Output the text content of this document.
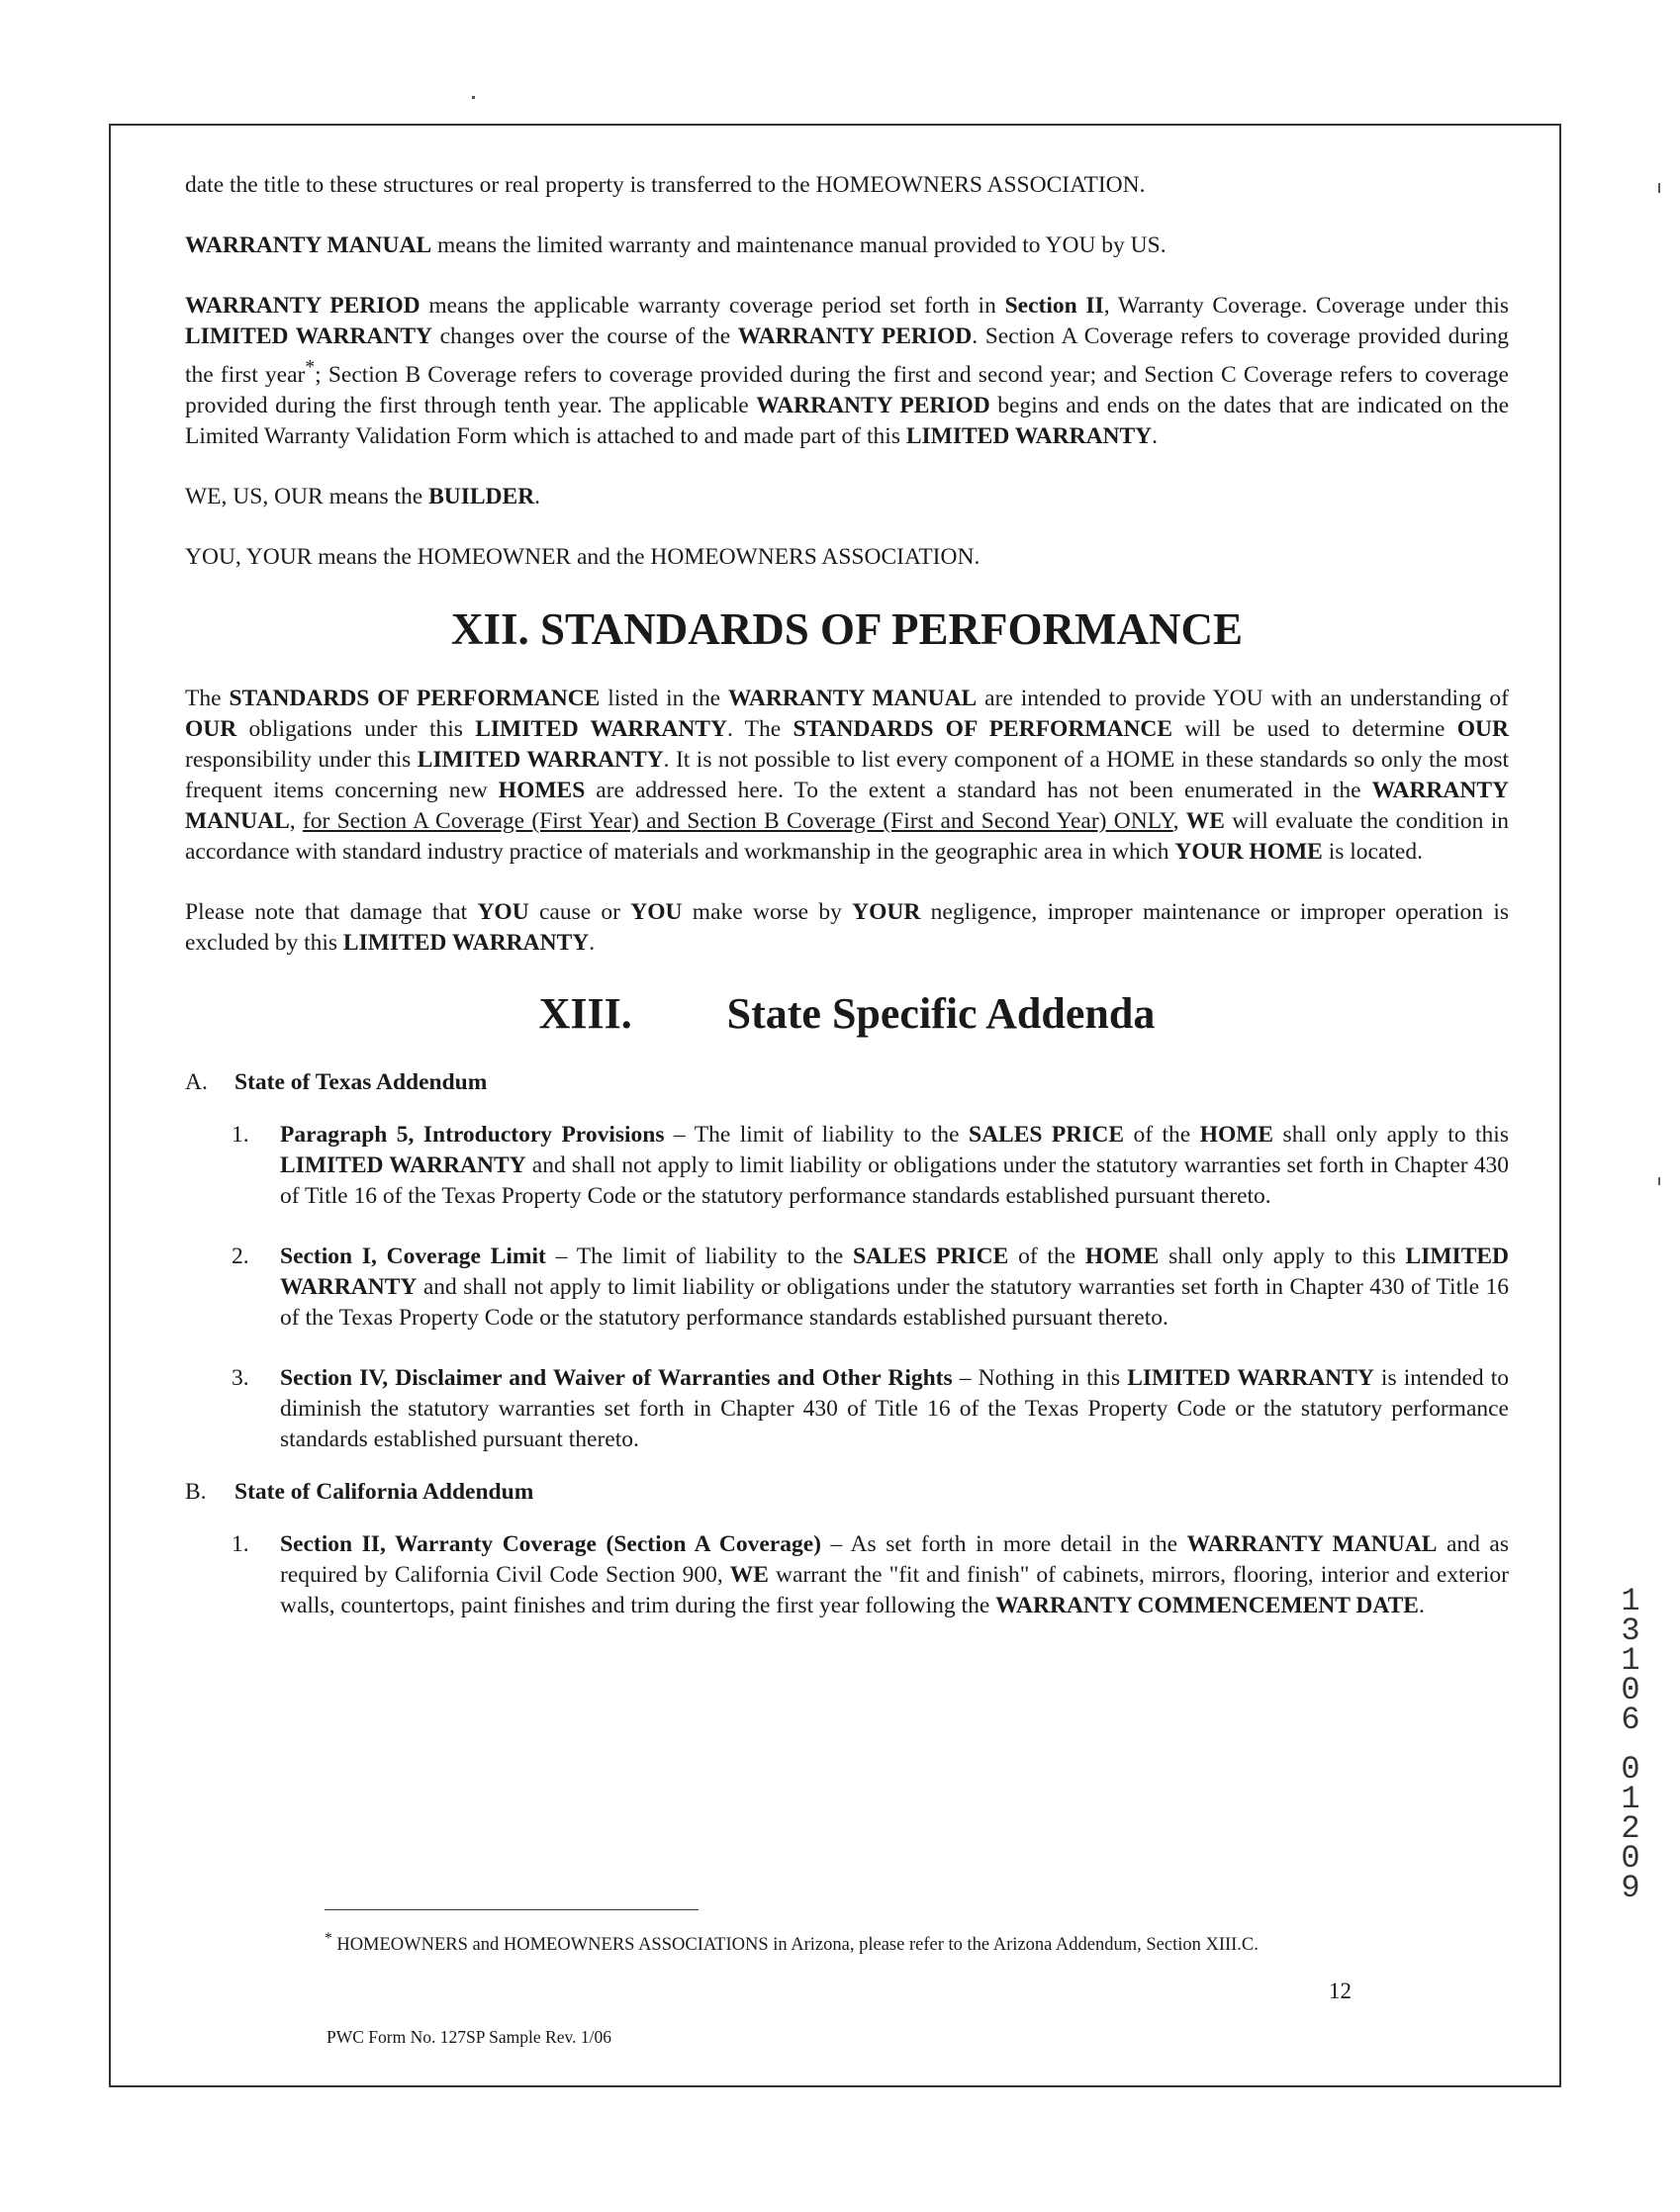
date the title to these structures or real property is transferred to the HOMEOWNERS ASSOCIATION.

WARRANTY MANUAL means the limited warranty and maintenance manual provided to YOU by US.

WARRANTY PERIOD means the applicable warranty coverage period set forth in Section II, Warranty Coverage. Coverage under this LIMITED WARRANTY changes over the course of the WARRANTY PERIOD. Section A Coverage refers to coverage provided during the first year*; Section B Coverage refers to coverage provided during the first and second year; and Section C Coverage refers to coverage provided during the first through tenth year. The applicable WARRANTY PERIOD begins and ends on the dates that are indicated on the Limited Warranty Validation Form which is attached to and made part of this LIMITED WARRANTY.

WE, US, OUR means the BUILDER.

YOU, YOUR means the HOMEOWNER and the HOMEOWNERS ASSOCIATION.

XII. STANDARDS OF PERFORMANCE

The STANDARDS OF PERFORMANCE listed in the WARRANTY MANUAL are intended to provide YOU with an understanding of OUR obligations under this LIMITED WARRANTY. The STANDARDS OF PERFORMANCE will be used to determine OUR responsibility under this LIMITED WARRANTY. It is not possible to list every component of a HOME in these standards so only the most frequent items concerning new HOMES are addressed here. To the extent a standard has not been enumerated in the WARRANTY MANUAL, for Section A Coverage (First Year) and Section B Coverage (First and Second Year) ONLY, WE will evaluate the condition in accordance with standard industry practice of materials and workmanship in the geographic area in which YOUR HOME is located.

Please note that damage that YOU cause or YOU make worse by YOUR negligence, improper maintenance or improper operation is excluded by this LIMITED WARRANTY.

XIII. State Specific Addenda
A. State of Texas Addendum
1. Paragraph 5, Introductory Provisions – The limit of liability to the SALES PRICE of the HOME shall only apply to this LIMITED WARRANTY and shall not apply to limit liability or obligations under the statutory warranties set forth in Chapter 430 of Title 16 of the Texas Property Code or the statutory performance standards established pursuant thereto.
2. Section I, Coverage Limit – The limit of liability to the SALES PRICE of the HOME shall only apply to this LIMITED WARRANTY and shall not apply to limit liability or obligations under the statutory warranties set forth in Chapter 430 of Title 16 of the Texas Property Code or the statutory performance standards established pursuant thereto.
3. Section IV, Disclaimer and Waiver of Warranties and Other Rights – Nothing in this LIMITED WARRANTY is intended to diminish the statutory warranties set forth in Chapter 430 of Title 16 of the Texas Property Code or the statutory performance standards established pursuant thereto.
B. State of California Addendum
1. Section II, Warranty Coverage (Section A Coverage) – As set forth in more detail in the WARRANTY MANUAL and as required by California Civil Code Section 900, WE warrant the "fit and finish" of cabinets, mirrors, flooring, interior and exterior walls, countertops, paint finishes and trim during the first year following the WARRANTY COMMENCEMENT DATE.
* HOMEOWNERS and HOMEOWNERS ASSOCIATIONS in Arizona, please refer to the Arizona Addendum, Section XIII.C.
12
PWC Form No. 127SP Sample Rev. 1/06
1
3
1
0
6
0
1
2
0
9
